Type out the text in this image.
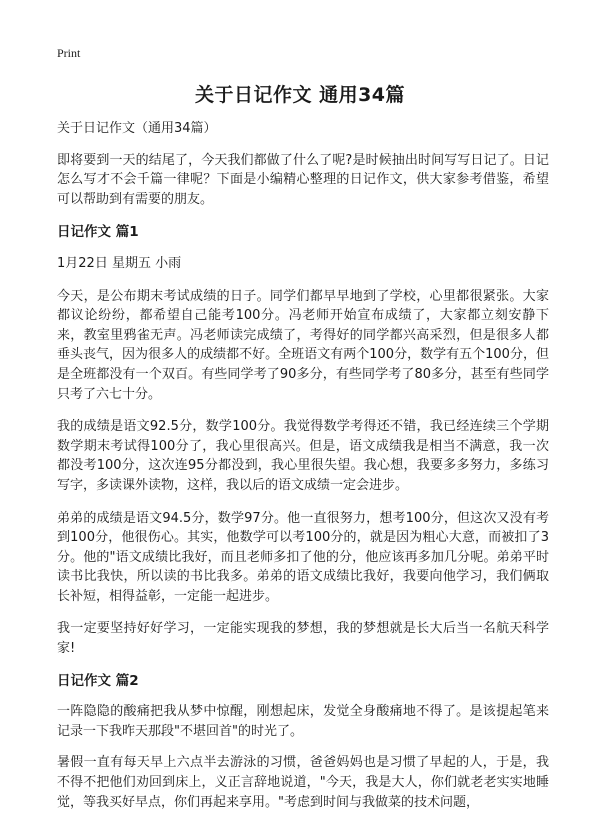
Print
关于日记作文 通用34篇

关于日记作文（通用34篇）

即将要到一天的结尾了，今天我们都做了什么了呢?是时候抽出时间写写日记了。日记怎么写才不会千篇一律呢？下面是小编精心整理的日记作文，供大家参考借鉴，希望可以帮助到有需要的朋友。

日记作文 篇1

1月22日 星期五 小雨

今天，是公布期末考试成绩的日子。同学们都早早地到了学校，心里都很紧张。大家都议论纷纷，都希望自己能考100分。冯老师开始宣布成绩了，大家都立刻安静下来，教室里鸦雀无声。冯老师读完成绩了，考得好的同学都兴高采烈，但是很多人都垂头丧气，因为很多人的成绩都不好。全班语文有两个100分，数学有五个100分，但是全班都没有一个双百。有些同学考了90多分，有些同学考了80多分，甚至有些同学只考了六七十分。

我的成绩是语文92.5分，数学100分。我觉得数学考得还不错，我已经连续三个学期数学期末考试得100分了，我心里很高兴。但是，语文成绩我是相当不满意，我一次都没考100分，这次连95分都没到，我心里很失望。我心想，我要多多努力，多练习写字，多读课外读物，这样，我以后的语文成绩一定会进步。

弟弟的成绩是语文94.5分，数学97分。他一直很努力，想考100分，但这次又没有考到100分，他很伤心。其实，他数学可以考100分的，就是因为粗心大意，而被扣了3分。他的"语文成绩比我好，而且老师多扣了他的分，他应该再多加几分呢。弟弟平时读书比我快，所以读的书比我多。弟弟的语文成绩比我好，我要向他学习，我们俩取长补短，相得益彰，一定能一起进步。

我一定要坚持好好学习，一定能实现我的梦想，我的梦想就是长大后当一名航天科学家!

日记作文 篇2

一阵隐隐的酸痛把我从梦中惊醒，刚想起床，发觉全身酸痛地不得了。是该提起笔来记录一下我昨天那段"不堪回首"的时光了。

暑假一直有每天早上六点半去游泳的习惯，爸爸妈妈也是习惯了早起的人，于是，我不得不把他们劝回到床上，义正言辞地说道，"今天，我是大人，你们就老老实实地睡觉，等我买好早点，你们再起来享用。"考虑到时间与我做菜的技术问题，
